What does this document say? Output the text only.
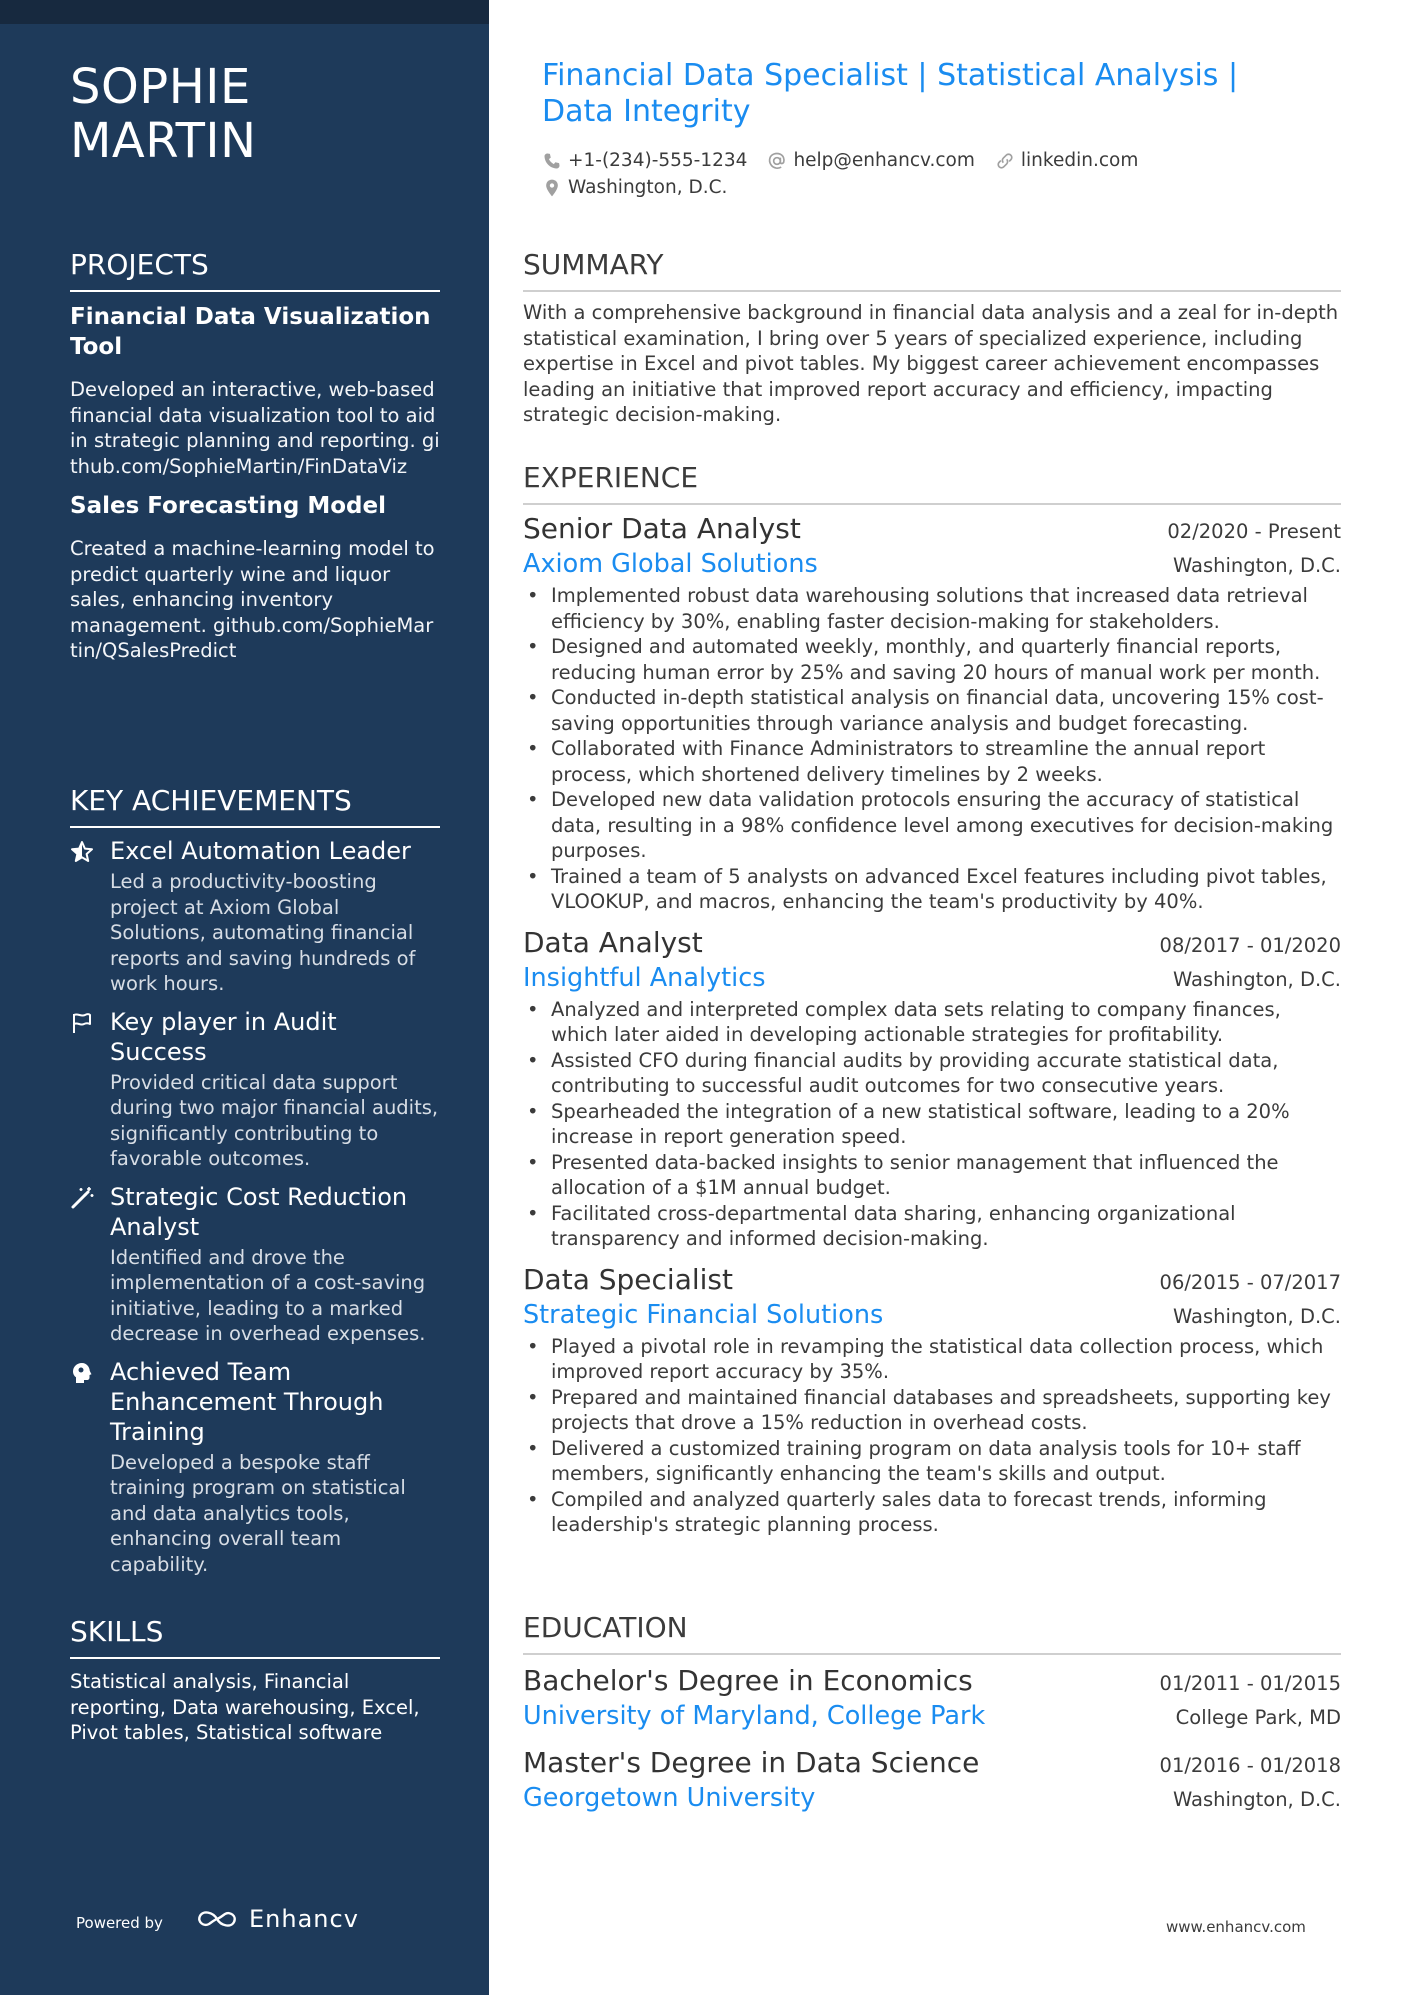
SOPHIE
MARTIN
PROJECTS
Financial Data Visualization Tool
Developed an interactive, web-based financial data visualization tool to aid in strategic planning and reporting. github.com/SophieMartin/FinDataViz
Sales Forecasting Model
Created a machine-learning model to predict quarterly wine and liquor sales, enhancing inventory management. github.com/SophieMartin/QSalesPredict
KEY ACHIEVEMENTS
Excel Automation Leader
Led a productivity-boosting project at Axiom Global Solutions, automating financial reports and saving hundreds of work hours.
Key player in Audit Success
Provided critical data support during two major financial audits, significantly contributing to favorable outcomes.
Strategic Cost Reduction Analyst
Identified and drove the implementation of a cost-saving initiative, leading to a marked decrease in overhead expenses.
Achieved Team Enhancement Through Training
Developed a bespoke staff training program on statistical and data analytics tools, enhancing overall team capability.
SKILLS
Statistical analysis, Financial reporting, Data warehousing, Excel, Pivot tables, Statistical software
Powered by	Enhancv
Financial Data Specialist | Statistical Analysis | Data Integrity
+1-(234)-555-1234 help@enhancv.com linkedin.com
Washington, D.C.
SUMMARY
With a comprehensive background in financial data analysis and a zeal for in-depth statistical examination, I bring over 5 years of specialized experience, including expertise in Excel and pivot tables. My biggest career achievement encompasses leading an initiative that improved report accuracy and efficiency, impacting strategic decision-making.
EXPERIENCE
Senior Data Analyst	02/2020 - Present
Axiom Global Solutions	Washington, D.C.
• Implemented robust data warehousing solutions that increased data retrieval efficiency by 30%, enabling faster decision-making for stakeholders.
• Designed and automated weekly, monthly, and quarterly financial reports, reducing human error by 25% and saving 20 hours of manual work per month.
• Conducted in-depth statistical analysis on financial data, uncovering 15% cost-saving opportunities through variance analysis and budget forecasting.
• Collaborated with Finance Administrators to streamline the annual report process, which shortened delivery timelines by 2 weeks.
• Developed new data validation protocols ensuring the accuracy of statistical data, resulting in a 98% confidence level among executives for decision-making purposes.
• Trained a team of 5 analysts on advanced Excel features including pivot tables, VLOOKUP, and macros, enhancing the team's productivity by 40%.
Data Analyst	08/2017 - 01/2020
Insightful Analytics	Washington, D.C.
• Analyzed and interpreted complex data sets relating to company finances, which later aided in developing actionable strategies for profitability.
• Assisted CFO during financial audits by providing accurate statistical data, contributing to successful audit outcomes for two consecutive years.
• Spearheaded the integration of a new statistical software, leading to a 20% increase in report generation speed.
• Presented data-backed insights to senior management that influenced the allocation of a $1M annual budget.
• Facilitated cross-departmental data sharing, enhancing organizational transparency and informed decision-making.
Data Specialist	06/2015 - 07/2017
Strategic Financial Solutions	Washington, D.C.
• Played a pivotal role in revamping the statistical data collection process, which improved report accuracy by 35%.
• Prepared and maintained financial databases and spreadsheets, supporting key projects that drove a 15% reduction in overhead costs.
• Delivered a customized training program on data analysis tools for 10+ staff members, significantly enhancing the team's skills and output.
• Compiled and analyzed quarterly sales data to forecast trends, informing leadership's strategic planning process.
EDUCATION
Bachelor's Degree in Economics	01/2011 - 01/2015
University of Maryland, College Park	College Park, MD
Master's Degree in Data Science	01/2016 - 01/2018
Georgetown University	Washington, D.C.
www.enhancv.com
